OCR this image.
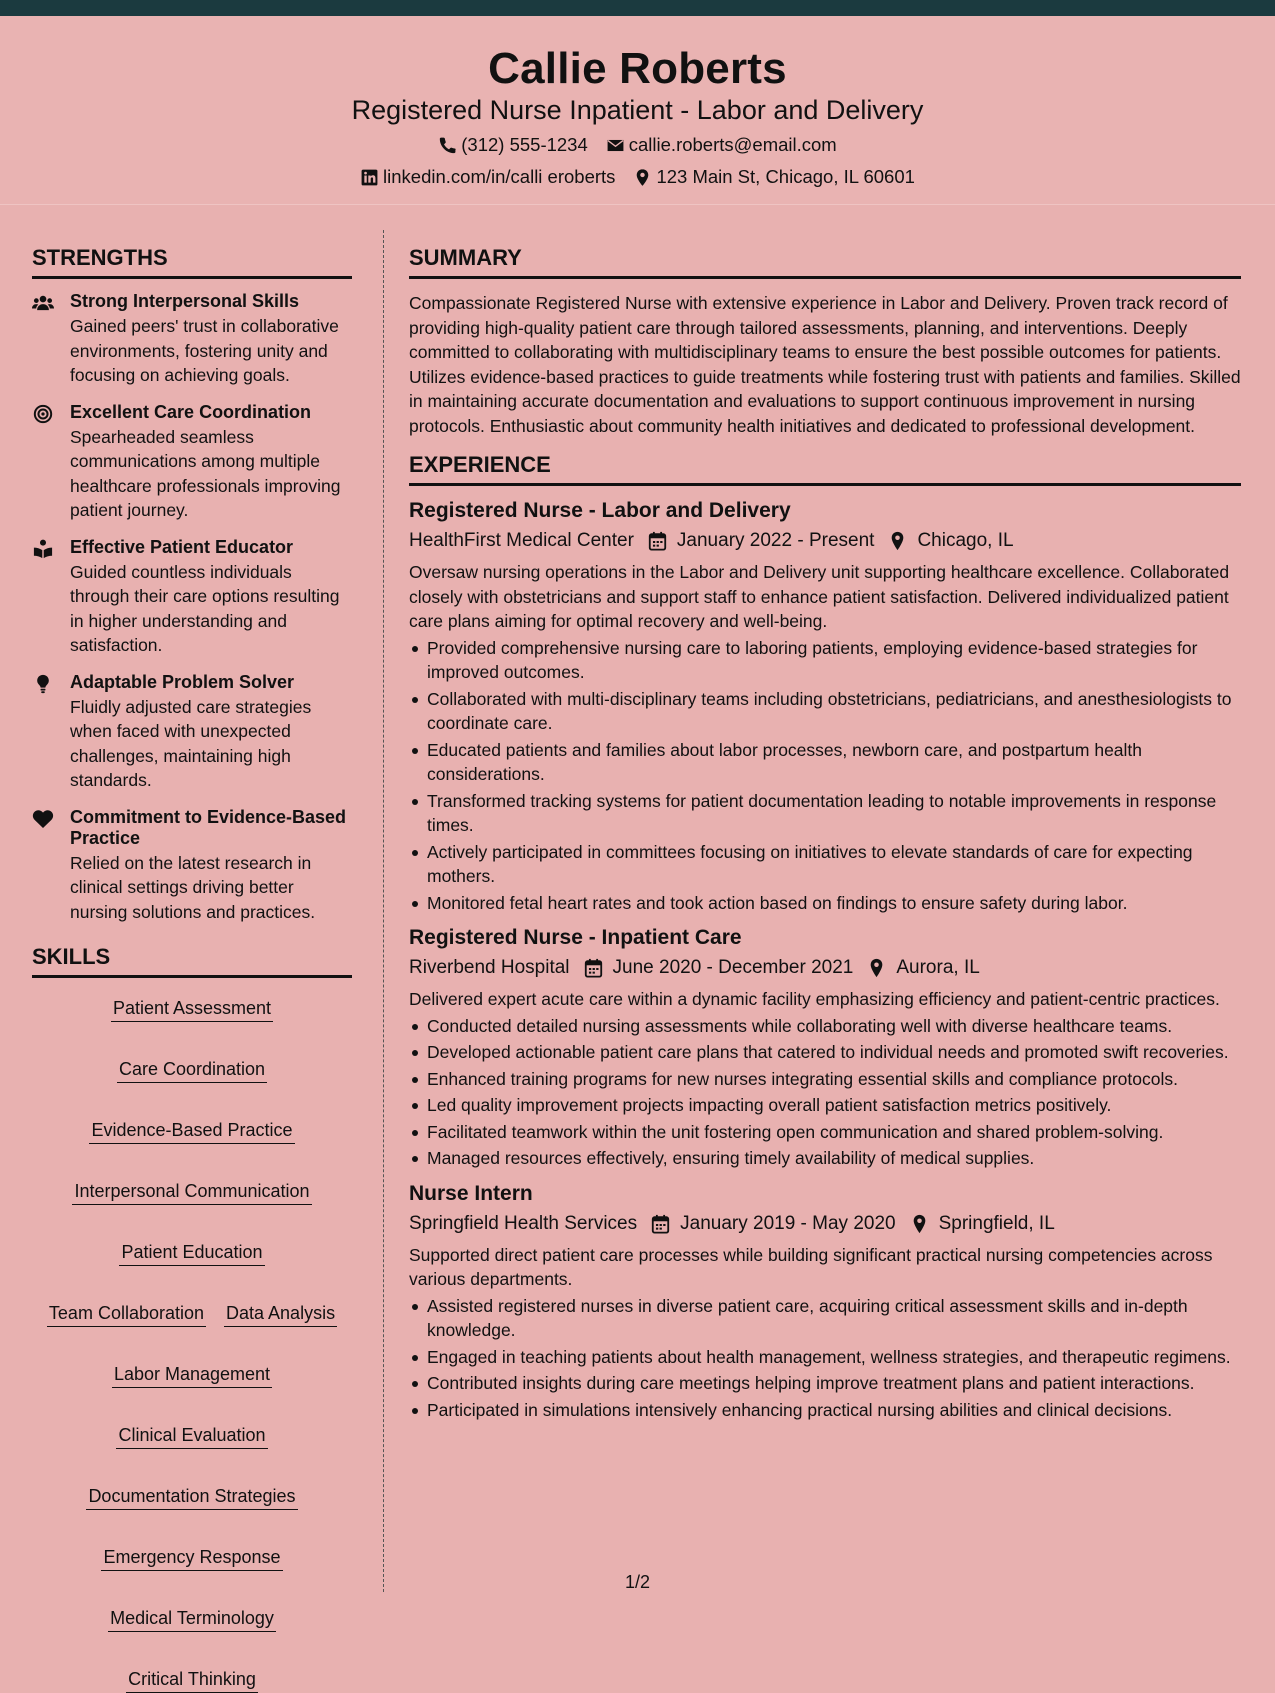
Callie Roberts
Registered Nurse Inpatient - Labor and Delivery
(312) 555-1234 callie.roberts@email.com
linkedin.com/in/calli eroberts 123 Main St, Chicago, IL 60601
STRENGTHS
Strong Interpersonal Skills
Gained peers' trust in collaborative environments, fostering unity and focusing on achieving goals.
Excellent Care Coordination
Spearheaded seamless communications among multiple healthcare professionals improving patient journey.
Effective Patient Educator
Guided countless individuals through their care options resulting in higher understanding and satisfaction.
Adaptable Problem Solver
Fluidly adjusted care strategies when faced with unexpected challenges, maintaining high standards.
Commitment to Evidence-Based Practice
Relied on the latest research in clinical settings driving better nursing solutions and practices.
SKILLS
Patient Assessment
Care Coordination
Evidence-Based Practice
Interpersonal Communication
Patient Education
Team Collaboration Data Analysis
Labor Management
Clinical Evaluation
Documentation Strategies
Emergency Response
Medical Terminology
Critical Thinking
SUMMARY

Compassionate Registered Nurse with extensive experience in Labor and Delivery. Proven track record of providing high-quality patient care through tailored assessments, planning, and interventions. Deeply committed to collaborating with multidisciplinary teams to ensure the best possible outcomes for patients. Utilizes evidence-based practices to guide treatments while fostering trust with patients and families. Skilled in maintaining accurate documentation and evaluations to support continuous improvement in nursing protocols. Enthusiastic about community health initiatives and dedicated to professional development.

EXPERIENCE
Registered Nurse - Labor and Delivery
HealthFirst Medical Center January 2022 - Present Chicago, IL

Oversaw nursing operations in the Labor and Delivery unit supporting healthcare excellence. Collaborated closely with obstetricians and support staff to enhance patient satisfaction. Delivered individualized patient care plans aiming for optimal recovery and well-being.

Provided comprehensive nursing care to laboring patients, employing evidence-based strategies for improved outcomes.
Collaborated with multi-disciplinary teams including obstetricians, pediatricians, and anesthesiologists to coordinate care.
Educated patients and families about labor processes, newborn care, and postpartum health considerations.
Transformed tracking systems for patient documentation leading to notable improvements in response times.
Actively participated in committees focusing on initiatives to elevate standards of care for expecting mothers.
Monitored fetal heart rates and took action based on findings to ensure safety during labor.
Registered Nurse - Inpatient Care
Riverbend Hospital June 2020 - December 2021 Aurora, IL

Delivered expert acute care within a dynamic facility emphasizing efficiency and patient-centric practices.

Conducted detailed nursing assessments while collaborating well with diverse healthcare teams.
Developed actionable patient care plans that catered to individual needs and promoted swift recoveries.
Enhanced training programs for new nurses integrating essential skills and compliance protocols.
Led quality improvement projects impacting overall patient satisfaction metrics positively.
Facilitated teamwork within the unit fostering open communication and shared problem-solving.
Managed resources effectively, ensuring timely availability of medical supplies.
Nurse Intern
Springfield Health Services January 2019 - May 2020 Springfield, IL

Supported direct patient care processes while building significant practical nursing competencies across various departments.

Assisted registered nurses in diverse patient care, acquiring critical assessment skills and in-depth knowledge.
Engaged in teaching patients about health management, wellness strategies, and therapeutic regimens.
Contributed insights during care meetings helping improve treatment plans and patient interactions.
Participated in simulations intensively enhancing practical nursing abilities and clinical decisions.
1/2
